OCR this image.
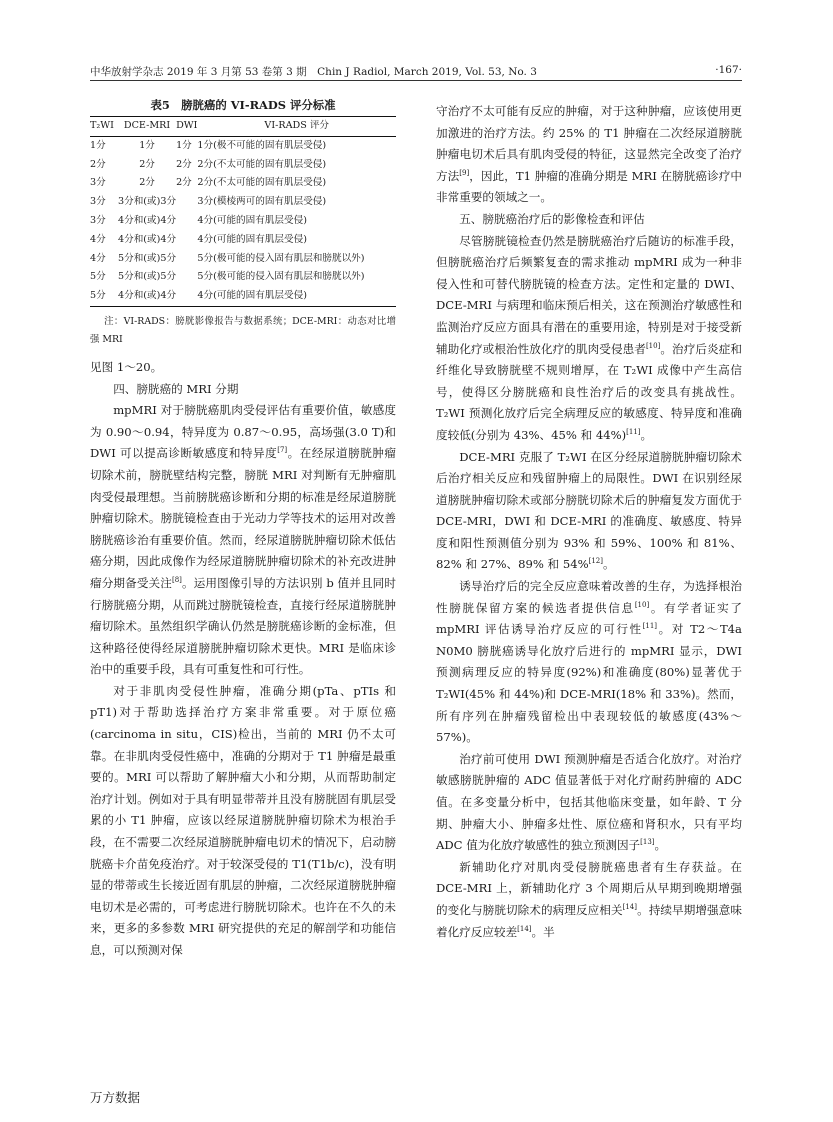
中华放射学杂志 2019 年 3 月第 53 卷第 3 期　Chin J Radiol, March 2019, Vol. 53, No. 3	·167·
表5　膀胱癌的 VI-RADS 评分标准
T₂WI	DCE-MRI	DWI	VI-RADS 评分
1分	1分	1分	1分(极不可能的固有肌层受侵)
2分	2分	2分	2分(不太可能的固有肌层受侵)
3分	2分	2分	2分(不太可能的固有肌层受侵)
3分	3分和(或)3分		3分(模棱两可的固有肌层受侵)
3分	4分和(或)4分		4分(可能的固有肌层受侵)
4分	4分和(或)4分		4分(可能的固有肌层受侵)
4分	5分和(或)5分		5分(极可能的侵入固有肌层和膀胱以外)
5分	5分和(或)5分		5分(极可能的侵入固有肌层和膀胱以外)
5分	4分和(或)4分		4分(可能的固有肌层受侵)
注：VI-RADS：膀胱影像报告与数据系统；DCE-MRI：动态对比增强 MRI

见图 1～20。

四、膀胱癌的 MRI 分期

mpMRI 对于膀胱癌肌肉受侵评估有重要价值，敏感度为 0.90～0.94，特异度为 0.87～0.95，高场强(3.0 T)和 DWI 可以提高诊断敏感度和特异度[7]。在经尿道膀胱肿瘤切除术前，膀胱壁结构完整，膀胱 MRI 对判断有无肿瘤肌肉受侵最理想。当前膀胱癌诊断和分期的标准是经尿道膀胱肿瘤切除术。膀胱镜检查由于光动力学等技术的运用对改善膀胱癌诊治有重要价值。然而，经尿道膀胱肿瘤切除术低估癌分期，因此成像作为经尿道膀胱肿瘤切除术的补充改进肿瘤分期备受关注[8]。运用图像引导的方法识别 b 值并且同时行膀胱癌分期，从而跳过膀胱镜检查，直接行经尿道膀胱肿瘤切除术。虽然组织学确认仍然是膀胱癌诊断的金标准，但这种路径使得经尿道膀胱肿瘤切除术更快。MRI 是临床诊治中的重要手段，具有可重复性和可行性。

对于非肌肉受侵性肿瘤，准确分期(pTa、pTIs 和 pT1)对于帮助选择治疗方案非常重要。对于原位癌(carcinoma in situ，CIS)检出，当前的 MRI 仍不太可靠。在非肌肉受侵性癌中，准确的分期对于 T1 肿瘤是最重要的。MRI 可以帮助了解肿瘤大小和分期，从而帮助制定治疗计划。例如对于具有明显带蒂并且没有膀胱固有肌层受累的小 T1 肿瘤，应该以经尿道膀胱肿瘤切除术为根治手段，在不需要二次经尿道膀胱肿瘤电切术的情况下，启动膀胱癌卡介苗免疫治疗。对于较深受侵的 T1(T1b/c)，没有明显的带蒂或生长接近固有肌层的肿瘤，二次经尿道膀胱肿瘤电切术是必需的，可考虑进行膀胱切除术。也许在不久的未来，更多的多参数 MRI 研究提供的充足的解剖学和功能信息，可以预测对保

守治疗不太可能有反应的肿瘤，对于这种肿瘤，应该使用更加激进的治疗方法。约 25% 的 T1 肿瘤在二次经尿道膀胱肿瘤电切术后具有肌肉受侵的特征，这显然完全改变了治疗方法[9]，因此，T1 肿瘤的准确分期是 MRI 在膀胱癌诊疗中非常重要的领域之一。

五、膀胱癌治疗后的影像检查和评估

尽管膀胱镜检查仍然是膀胱癌治疗后随访的标准手段，但膀胱癌治疗后频繁复查的需求推动 mpMRI 成为一种非侵入性和可替代膀胱镜的检查方法。定性和定量的 DWI、DCE-MRI 与病理和临床预后相关，这在预测治疗敏感性和监测治疗反应方面具有潜在的重要用途，特别是对于接受新辅助化疗或根治性放化疗的肌肉受侵患者[10]。治疗后炎症和纤维化导致膀胱壁不规则增厚，在 T₂WI 成像中产生高信号，使得区分膀胱癌和良性治疗后的改变具有挑战性。T₂WI 预测化放疗后完全病理反应的敏感度、特异度和准确度较低(分别为 43%、45% 和 44%)[11]。

DCE-MRI 克服了 T₂WI 在区分经尿道膀胱肿瘤切除术后治疗相关反应和残留肿瘤上的局限性。DWI 在识别经尿道膀胱肿瘤切除术或部分膀胱切除术后的肿瘤复发方面优于 DCE-MRI，DWI 和 DCE-MRI 的准确度、敏感度、特异度和阳性预测值分别为 93% 和 59%、100% 和 81%、82% 和 27%、89% 和 54%[12]。

诱导治疗后的完全反应意味着改善的生存，为选择根治性膀胱保留方案的候选者提供信息[10]。有学者证实了 mpMRI 评估诱导治疗反应的可行性[11]。对 T2～T4a N0M0 膀胱癌诱导化放疗后进行的 mpMRI 显示，DWI 预测病理反应的特异度(92%)和准确度(80%)显著优于 T₂WI(45% 和 44%)和 DCE-MRI(18% 和 33%)。然而，所有序列在肿瘤残留检出中表现较低的敏感度(43%～57%)。

治疗前可使用 DWI 预测肿瘤是否适合化放疗。对治疗敏感膀胱肿瘤的 ADC 值显著低于对化疗耐药肿瘤的 ADC 值。在多变量分析中，包括其他临床变量，如年龄、T 分期、肿瘤大小、肿瘤多灶性、原位癌和肾积水，只有平均 ADC 值为化放疗敏感性的独立预测因子[13]。

新辅助化疗对肌肉受侵膀胱癌患者有生存获益。在 DCE-MRI 上，新辅助化疗 3 个周期后从早期到晚期增强的变化与膀胱切除术的病理反应相关[14]。持续早期增强意味着化疗反应较差[14]。半

万方数据
